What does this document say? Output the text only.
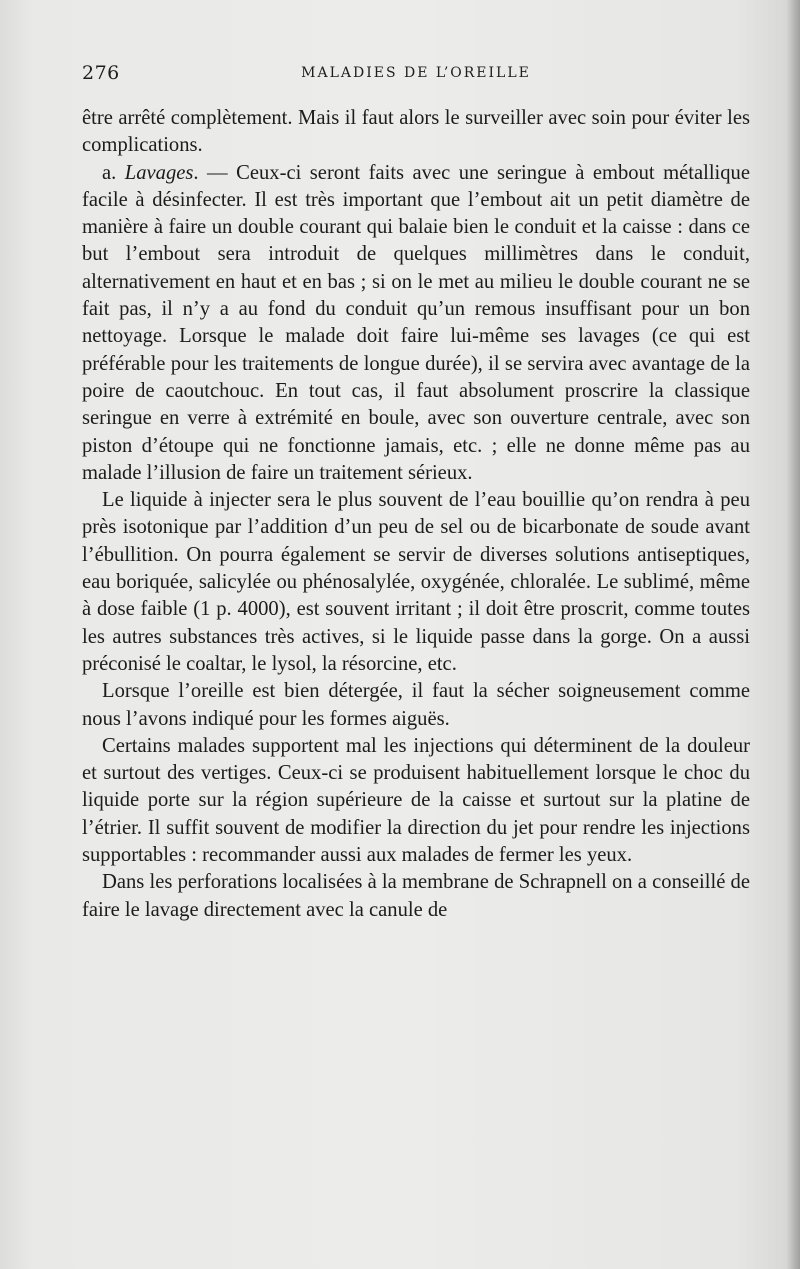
276	MALADIES DE L’OREILLE

être arrêté complètement. Mais il faut alors le surveiller avec soin pour éviter les complications.

a. Lavages. — Ceux-ci seront faits avec une seringue à embout métallique facile à désinfecter. Il est très important que l’embout ait un petit diamètre de manière à faire un double courant qui balaie bien le conduit et la caisse : dans ce but l’embout sera introduit de quelques millimètres dans le conduit, alternativement en haut et en bas ; si on le met au milieu le double courant ne se fait pas, il n’y a au fond du conduit qu’un remous insuffisant pour un bon nettoyage. Lorsque le malade doit faire lui-même ses lavages (ce qui est préférable pour les traitements de longue durée), il se servira avec avantage de la poire de caoutchouc. En tout cas, il faut absolument proscrire la classique seringue en verre à extrémité en boule, avec son ouverture centrale, avec son piston d’étoupe qui ne fonctionne jamais, etc. ; elle ne donne même pas au malade l’illusion de faire un traitement sérieux.

Le liquide à injecter sera le plus souvent de l’eau bouillie qu’on rendra à peu près isotonique par l’addition d’un peu de sel ou de bicarbonate de soude avant l’ébullition. On pourra également se servir de diverses solutions antiseptiques, eau boriquée, salicylée ou phénosalylée, oxygénée, chloralée. Le sublimé, même à dose faible (1 p. 4000), est souvent irritant ; il doit être proscrit, comme toutes les autres substances très actives, si le liquide passe dans la gorge. On a aussi préconisé le coaltar, le lysol, la résorcine, etc.

Lorsque l’oreille est bien détergée, il faut la sécher soigneusement comme nous l’avons indiqué pour les formes aiguës.

Certains malades supportent mal les injections qui déterminent de la douleur et surtout des vertiges. Ceux-ci se produisent habituellement lorsque le choc du liquide porte sur la région supérieure de la caisse et surtout sur la platine de l’étrier. Il suffit souvent de modifier la direction du jet pour rendre les injections supportables : recommander aussi aux malades de fermer les yeux.

Dans les perforations localisées à la membrane de Schrapnell on a conseillé de faire le lavage directement avec la canule de
